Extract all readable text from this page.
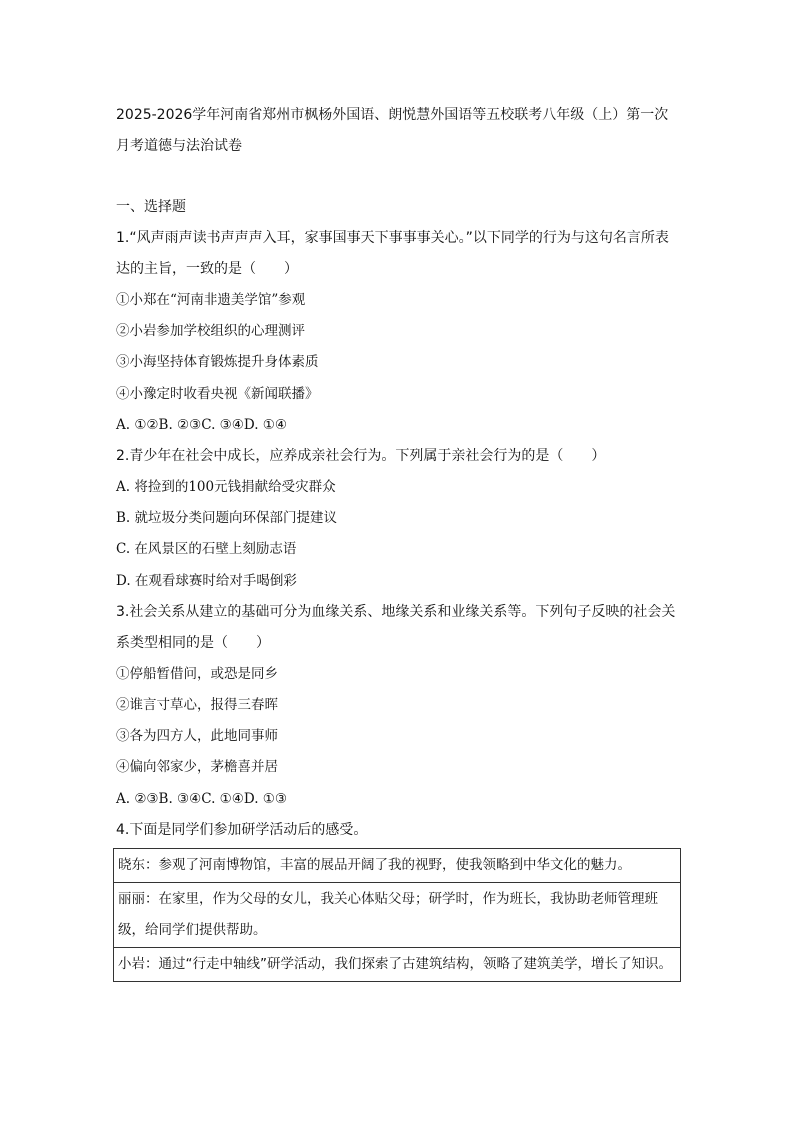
2025-2026学年河南省郑州市枫杨外国语、朗悦慧外国语等五校联考八年级（上）第一次月考道德与法治试卷

一、选择题
1.“风声雨声读书声声声入耳，家事国事天下事事事关心。”以下同学的行为与这句名言所表达的主旨，一致的是（　　）
①小郑在“河南非遗美学馆”参观
②小岩参加学校组织的心理测评
③小海坚持体育锻炼提升身体素质
④小豫定时收看央视《新闻联播》
A. ①②B. ②③C. ③④D. ①④
2.青少年在社会中成长，应养成亲社会行为。下列属于亲社会行为的是（　　）
A. 将捡到的100元钱捐献给受灾群众
B. 就垃圾分类问题向环保部门提建议
C. 在风景区的石壁上刻励志语
D. 在观看球赛时给对手喝倒彩
3.社会关系从建立的基础可分为血缘关系、地缘关系和业缘关系等。下列句子反映的社会关系类型相同的是（　　）
①停船暂借问，或恐是同乡
②谁言寸草心，报得三春晖
③各为四方人，此地同事师
④偏向邻家少，茅檐喜并居
A. ②③B. ③④C. ①④D. ①③
4.下面是同学们参加研学活动后的感受。
晓东：参观了河南博物馆，丰富的展品开阔了我的视野，使我领略到中华文化的魅力。
丽丽：在家里，作为父母的女儿，我关心体贴父母；研学时，作为班长，我协助老师管理班级，给同学们提供帮助。
小岩：通过“行走中轴线”研学活动，我们探索了古建筑结构，领略了建筑美学，增长了知识。
